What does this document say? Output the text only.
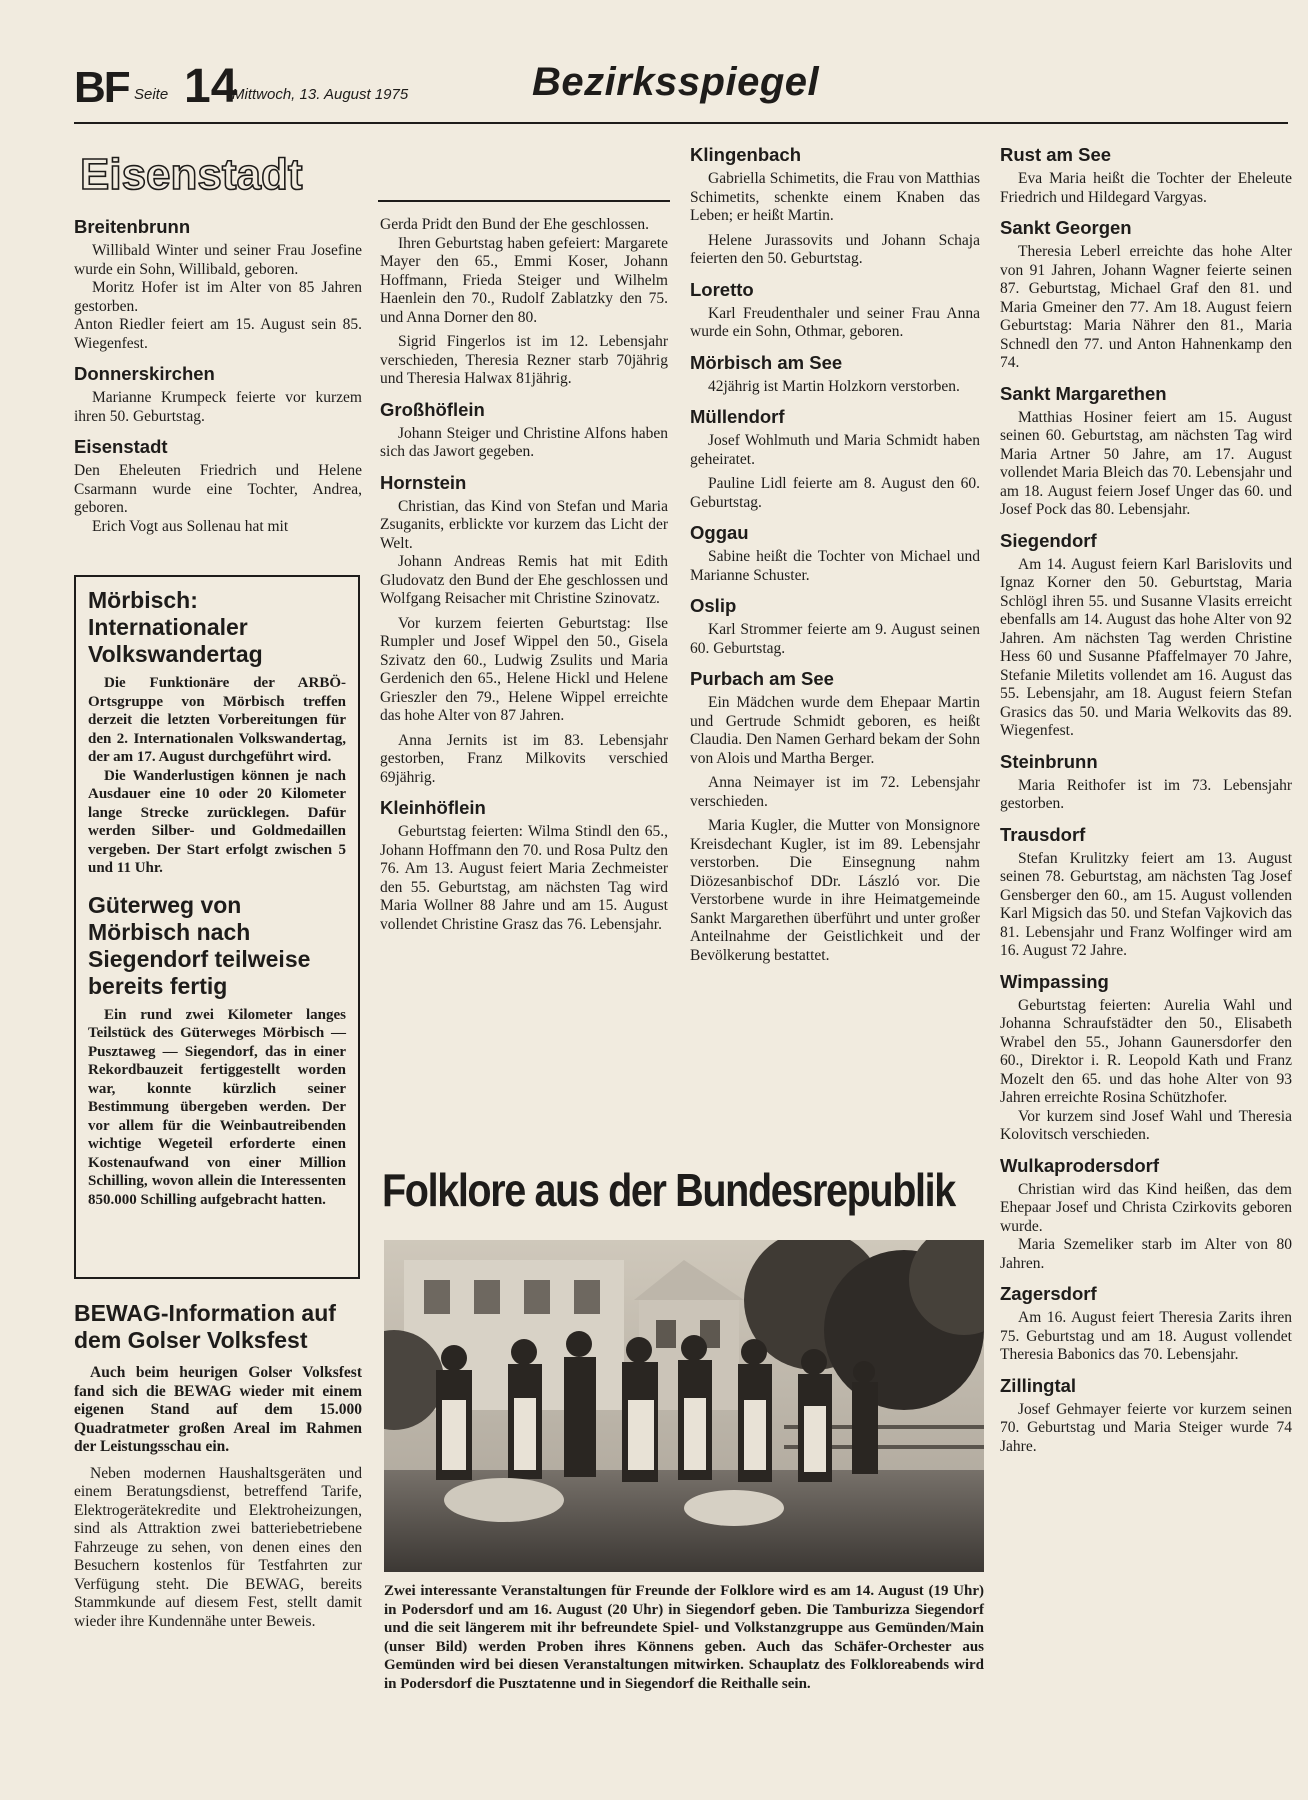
BF Seite 14
Mittwoch, 13. August 1975	Bezirksspiegel
Eisenstadt
Breitenbrunn

Willibald Winter und seiner Frau Josefine wurde ein Sohn, Willibald, geboren.

Moritz Hofer ist im Alter von 85 Jahren gestorben.

Anton Riedler feiert am 15. August sein 85. Wiegenfest.

Donnerskirchen

Marianne Krumpeck feierte vor kurzem ihren 50. Geburtstag.

Eisenstadt

Den Eheleuten Friedrich und Helene Csarmann wurde eine Tochter, Andrea, geboren.

Erich Vogt aus Sollenau hat mit

Mörbisch: Internationaler Volkswandertag

Die Funktionäre der ARBÖ-Ortsgruppe von Mörbisch treffen derzeit die letzten Vorbereitungen für den 2. Internationalen Volkswandertag, der am 17. August durchgeführt wird.

Die Wanderlustigen können je nach Ausdauer eine 10 oder 20 Kilometer lange Strecke zurücklegen. Dafür werden Silber- und Goldmedaillen vergeben. Der Start erfolgt zwischen 5 und 11 Uhr.

Güterweg von Mörbisch nach Siegendorf teilweise bereits fertig

Ein rund zwei Kilometer langes Teilstück des Güterweges Mörbisch — Pusztaweg — Siegendorf, das in einer Rekordbauzeit fertiggestellt worden war, konnte kürzlich seiner Bestimmung übergeben werden. Der vor allem für die Weinbautreibenden wichtige Wegeteil erforderte einen Kostenaufwand von einer Million Schilling, wovon allein die Interessenten 850.000 Schilling aufgebracht hatten.

BEWAG-Information auf dem Golser Volksfest

Auch beim heurigen Golser Volksfest fand sich die BEWAG wieder mit einem eigenen Stand auf dem 15.000 Quadratmeter großen Areal im Rahmen der Leistungsschau ein.

Neben modernen Haushaltsgeräten und einem Beratungsdienst, betreffend Tarife, Elektrogerätekredite und Elektroheizungen, sind als Attraktion zwei batteriebetriebene Fahrzeuge zu sehen, von denen eines den Besuchern kostenlos für Testfahrten zur Verfügung steht. Die BEWAG, bereits Stammkunde auf diesem Fest, stellt damit wieder ihre Kundennähe unter Beweis.

Gerda Pridt den Bund der Ehe geschlossen.

Ihren Geburtstag haben gefeiert: Margarete Mayer den 65., Emmi Koser, Johann Hoffmann, Frieda Steiger und Wilhelm Haenlein den 70., Rudolf Zablatzky den 75. und Anna Dorner den 80.

Sigrid Fingerlos ist im 12. Lebensjahr verschieden, Theresia Rezner starb 70jährig und Theresia Halwax 81jährig.

Großhöflein

Johann Steiger und Christine Alfons haben sich das Jawort gegeben.

Hornstein

Christian, das Kind von Stefan und Maria Zsuganits, erblickte vor kurzem das Licht der Welt.

Johann Andreas Remis hat mit Edith Gludovatz den Bund der Ehe geschlossen und Wolfgang Reisacher mit Christine Szinovatz.

Vor kurzem feierten Geburtstag: Ilse Rumpler und Josef Wippel den 50., Gisela Szivatz den 60., Ludwig Zsulits und Maria Gerdenich den 65., Helene Hickl und Helene Grieszler den 79., Helene Wippel erreichte das hohe Alter von 87 Jahren.

Anna Jernits ist im 83. Lebensjahr gestorben, Franz Milkovits verschied 69jährig.

Kleinhöflein

Geburtstag feierten: Wilma Stindl den 65., Johann Hoffmann den 70. und Rosa Pultz den 76. Am 13. August feiert Maria Zechmeister den 55. Geburtstag, am nächsten Tag wird Maria Wollner 88 Jahre und am 15. August vollendet Christine Grasz das 76. Lebensjahr.

Klingenbach

Gabriella Schimetits, die Frau von Matthias Schimetits, schenkte einem Knaben das Leben; er heißt Martin.

Helene Jurassovits und Johann Schaja feierten den 50. Geburtstag.

Loretto

Karl Freudenthaler und seiner Frau Anna wurde ein Sohn, Othmar, geboren.

Mörbisch am See

42jährig ist Martin Holzkorn verstorben.

Müllendorf

Josef Wohlmuth und Maria Schmidt haben geheiratet.

Pauline Lidl feierte am 8. August den 60. Geburtstag.

Oggau

Sabine heißt die Tochter von Michael und Marianne Schuster.

Oslip

Karl Strommer feierte am 9. August seinen 60. Geburtstag.

Purbach am See

Ein Mädchen wurde dem Ehepaar Martin und Gertrude Schmidt geboren, es heißt Claudia. Den Namen Gerhard bekam der Sohn von Alois und Martha Berger.

Anna Neimayer ist im 72. Lebensjahr verschieden.

Maria Kugler, die Mutter von Monsignore Kreisdechant Kugler, ist im 89. Lebensjahr verstorben. Die Einsegnung nahm Diözesanbischof DDr. László vor. Die Verstorbene wurde in ihre Heimatgemeinde Sankt Margarethen überführt und unter großer Anteilnahme der Geistlichkeit und der Bevölkerung bestattet.

Folklore aus der Bundesrepublik
Zwei interessante Veranstaltungen für Freunde der Folklore wird es am 14. August (19 Uhr) in Podersdorf und am 16. August (20 Uhr) in Siegendorf geben. Die Tamburizza Siegendorf und die seit längerem mit ihr befreundete Spiel- und Volkstanzgruppe aus Gemünden/Main (unser Bild) werden Proben ihres Könnens geben. Auch das Schäfer-Orchester aus Gemünden wird bei diesen Veranstaltungen mitwirken. Schauplatz des Folkloreabends wird in Podersdorf die Pusztatenne und in Siegendorf die Reithalle sein.
Rust am See

Eva Maria heißt die Tochter der Eheleute Friedrich und Hildegard Vargyas.

Sankt Georgen

Theresia Leberl erreichte das hohe Alter von 91 Jahren, Johann Wagner feierte seinen 87. Geburtstag, Michael Graf den 81. und Maria Gmeiner den 77. Am 18. August feiern Geburtstag: Maria Nährer den 81., Maria Schnedl den 77. und Anton Hahnenkamp den 74.

Sankt Margarethen

Matthias Hosiner feiert am 15. August seinen 60. Geburtstag, am nächsten Tag wird Maria Artner 50 Jahre, am 17. August vollendet Maria Bleich das 70. Lebensjahr und am 18. August feiern Josef Unger das 60. und Josef Pock das 80. Lebensjahr.

Siegendorf

Am 14. August feiern Karl Barislovits und Ignaz Korner den 50. Geburtstag, Maria Schlögl ihren 55. und Susanne Vlasits erreicht ebenfalls am 14. August das hohe Alter von 92 Jahren. Am nächsten Tag werden Christine Hess 60 und Susanne Pfaffelmayer 70 Jahre, Stefanie Miletits vollendet am 16. August das 55. Lebensjahr, am 18. August feiern Stefan Grasics das 50. und Maria Welkovits das 89. Wiegenfest.

Steinbrunn

Maria Reithofer ist im 73. Lebensjahr gestorben.

Trausdorf

Stefan Krulitzky feiert am 13. August seinen 78. Geburtstag, am nächsten Tag Josef Gensberger den 60., am 15. August vollenden Karl Migsich das 50. und Stefan Vajkovich das 81. Lebensjahr und Franz Wolfinger wird am 16. August 72 Jahre.

Wimpassing

Geburtstag feierten: Aurelia Wahl und Johanna Schraufstädter den 50., Elisabeth Wrabel den 55., Johann Gaunersdorfer den 60., Direktor i. R. Leopold Kath und Franz Mozelt den 65. und das hohe Alter von 93 Jahren erreichte Rosina Schützhofer.

Vor kurzem sind Josef Wahl und Theresia Kolovitsch verschieden.

Wulkaprodersdorf

Christian wird das Kind heißen, das dem Ehepaar Josef und Christa Czirkovits geboren wurde.

Maria Szemeliker starb im Alter von 80 Jahren.

Zagersdorf

Am 16. August feiert Theresia Zarits ihren 75. Geburtstag und am 18. August vollendet Theresia Babonics das 70. Lebensjahr.

Zillingtal

Josef Gehmayer feierte vor kurzem seinen 70. Geburtstag und Maria Steiger wurde 74 Jahre.
